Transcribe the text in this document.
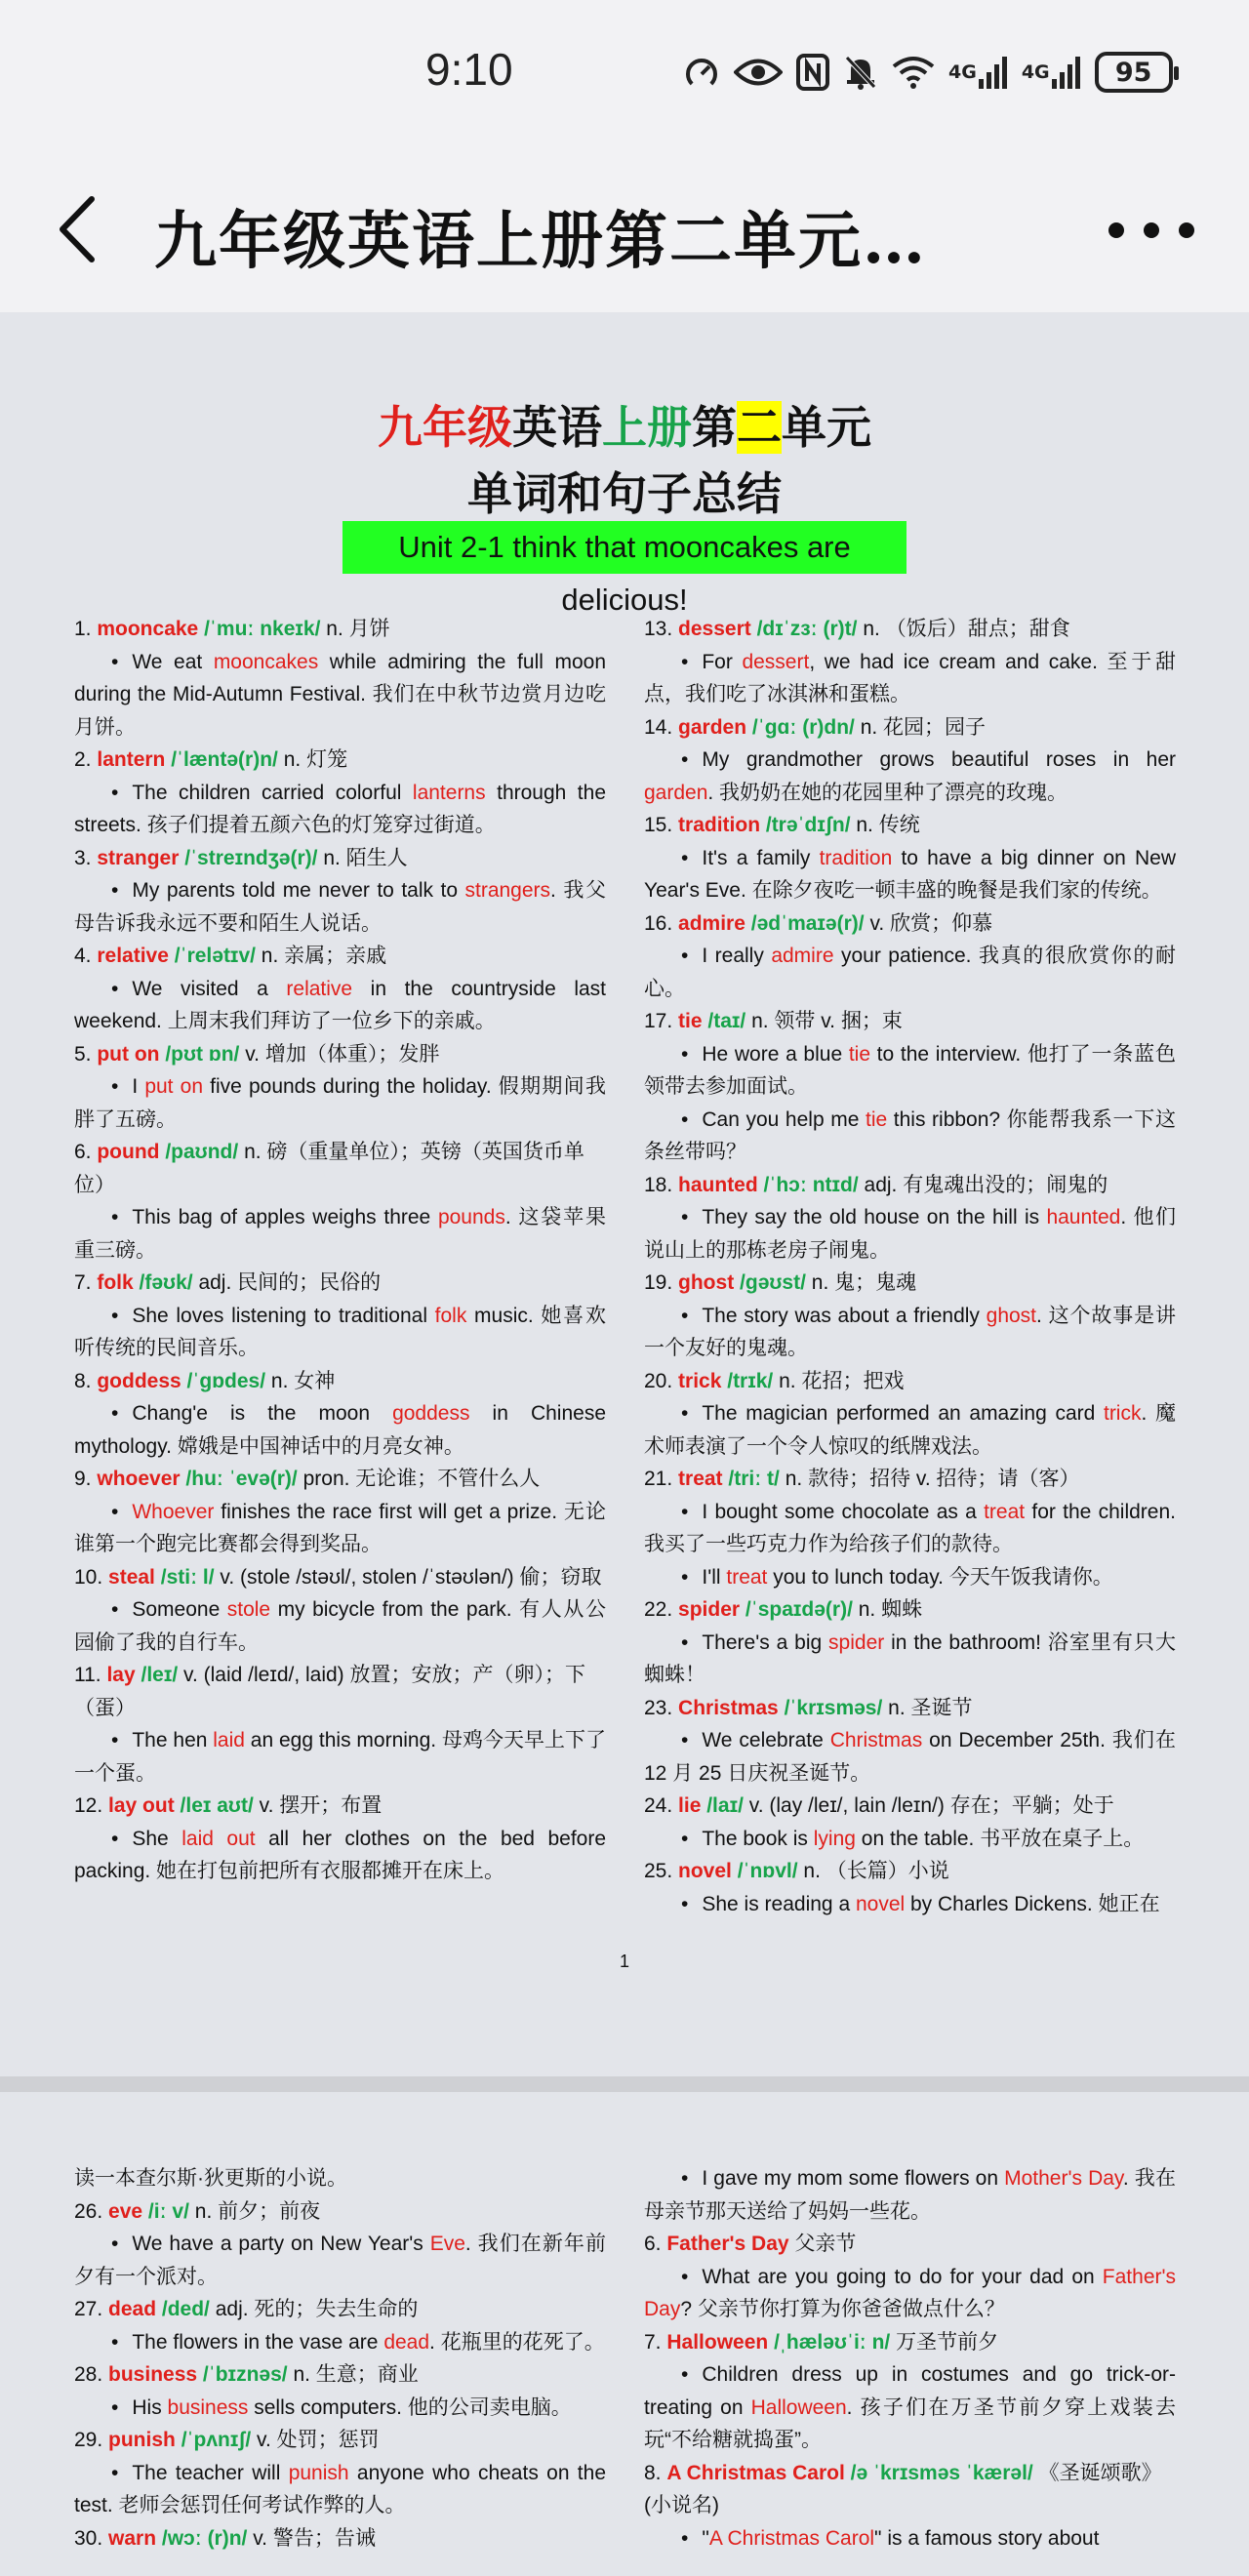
9:10	4G 4G 95
九年级英语上册第二单元…
九年级英语上册第二单元
单词和句子总结
Unit 2-1 think that mooncakes are delicious!
1. mooncake /ˈmuː nkeɪk/ n. 月饼
• We eat mooncakes while admiring the full moon during the Mid-Autumn Festival. 我们在中秋节边赏月边吃月饼。
2. lantern /ˈlæntə(r)n/ n. 灯笼
• The children carried colorful lanterns through the streets. 孩子们提着五颜六色的灯笼穿过街道。
3. stranger /ˈstreɪndʒə(r)/ n. 陌生人
• My parents told me never to talk to strangers. 我父母告诉我永远不要和陌生人说话。
4. relative /ˈrelətɪv/ n. 亲属；亲戚
• We visited a relative in the countryside last weekend. 上周末我们拜访了一位乡下的亲戚。
5. put on /pʊt ɒn/ v. 增加（体重）；发胖
• I put on five pounds during the holiday. 假期期间我胖了五磅。
6. pound /paʊnd/ n. 磅（重量单位）；英镑（英国货币单位）
• This bag of apples weighs three pounds. 这袋苹果重三磅。
7. folk /fəʊk/ adj. 民间的；民俗的
• She loves listening to traditional folk music. 她喜欢听传统的民间音乐。
8. goddess /ˈɡɒdes/ n. 女神
• Chang'e is the moon goddess in Chinese mythology. 嫦娥是中国神话中的月亮女神。
9. whoever /huː ˈevə(r)/ pron. 无论谁；不管什么人
• Whoever finishes the race first will get a prize. 无论谁第一个跑完比赛都会得到奖品。
10. steal /stiː l/ v. (stole /stəʊl/, stolen /ˈstəʊlən/) 偷；窃取
• Someone stole my bicycle from the park. 有人从公园偷了我的自行车。
11. lay /leɪ/ v. (laid /leɪd/, laid) 放置；安放；产（卵）；下（蛋）
• The hen laid an egg this morning. 母鸡今天早上下了一个蛋。
12. lay out /leɪ aʊt/ v. 摆开；布置
• She laid out all her clothes on the bed before packing. 她在打包前把所有衣服都摊开在床上。
13. dessert /dɪˈzɜː (r)t/ n. （饭后）甜点；甜食
• For dessert, we had ice cream and cake. 至于甜点，我们吃了冰淇淋和蛋糕。
14. garden /ˈɡɑː (r)dn/ n. 花园；园子
• My grandmother grows beautiful roses in her garden. 我奶奶在她的花园里种了漂亮的玫瑰。
15. tradition /trəˈdɪʃn/ n. 传统
• It's a family tradition to have a big dinner on New Year's Eve. 在除夕夜吃一顿丰盛的晚餐是我们家的传统。
16. admire /ədˈmaɪə(r)/ v. 欣赏；仰慕
• I really admire your patience. 我真的很欣赏你的耐心。
17. tie /taɪ/ n. 领带 v. 捆；束
• He wore a blue tie to the interview. 他打了一条蓝色领带去参加面试。
• Can you help me tie this ribbon? 你能帮我系一下这条丝带吗？
18. haunted /ˈhɔː ntɪd/ adj. 有鬼魂出没的；闹鬼的
• They say the old house on the hill is haunted. 他们说山上的那栋老房子闹鬼。
19. ghost /ɡəʊst/ n. 鬼；鬼魂
• The story was about a friendly ghost. 这个故事是讲一个友好的鬼魂。
20. trick /trɪk/ n. 花招；把戏
• The magician performed an amazing card trick. 魔术师表演了一个令人惊叹的纸牌戏法。
21. treat /triː t/ n. 款待；招待 v. 招待；请（客）
• I bought some chocolate as a treat for the children. 我买了一些巧克力作为给孩子们的款待。
• I'll treat you to lunch today. 今天午饭我请你。
22. spider /ˈspaɪdə(r)/ n. 蜘蛛
• There's a big spider in the bathroom! 浴室里有只大蜘蛛！
23. Christmas /ˈkrɪsməs/ n. 圣诞节
• We celebrate Christmas on December 25th. 我们在 12 月 25 日庆祝圣诞节。
24. lie /laɪ/ v. (lay /leɪ/, lain /leɪn/) 存在；平躺；处于
• The book is lying on the table. 书平放在桌子上。
25. novel /ˈnɒvl/ n. （长篇）小说
• She is reading a novel by Charles Dickens. 她正在
1
读一本查尔斯·狄更斯的小说。
26. eve /iː v/ n. 前夕；前夜
• We have a party on New Year's Eve. 我们在新年前夕有一个派对。
27. dead /ded/ adj. 死的；失去生命的
• The flowers in the vase are dead. 花瓶里的花死了。
28. business /ˈbɪznəs/ n. 生意；商业
• His business sells computers. 他的公司卖电脑。
29. punish /ˈpʌnɪʃ/ v. 处罚；惩罚
• The teacher will punish anyone who cheats on the test. 老师会惩罚任何考试作弊的人。
30. warn /wɔː (r)n/ v. 警告；告诫
• I gave my mom some flowers on Mother's Day. 我在母亲节那天送给了妈妈一些花。
6. Father's Day 父亲节
• What are you going to do for your dad on Father's Day? 父亲节你打算为你爸爸做点什么？
7. Halloween /ˌhæləʊˈiː n/ 万圣节前夕
• Children dress up in costumes and go trick-or-treating on Halloween. 孩子们在万圣节前夕穿上戏装去玩“不给糖就捣蛋”。
8. A Christmas Carol /ə ˈkrɪsməs ˈkærəl/ 《圣诞颂歌》(小说名)
• "A Christmas Carol" is a famous story about
